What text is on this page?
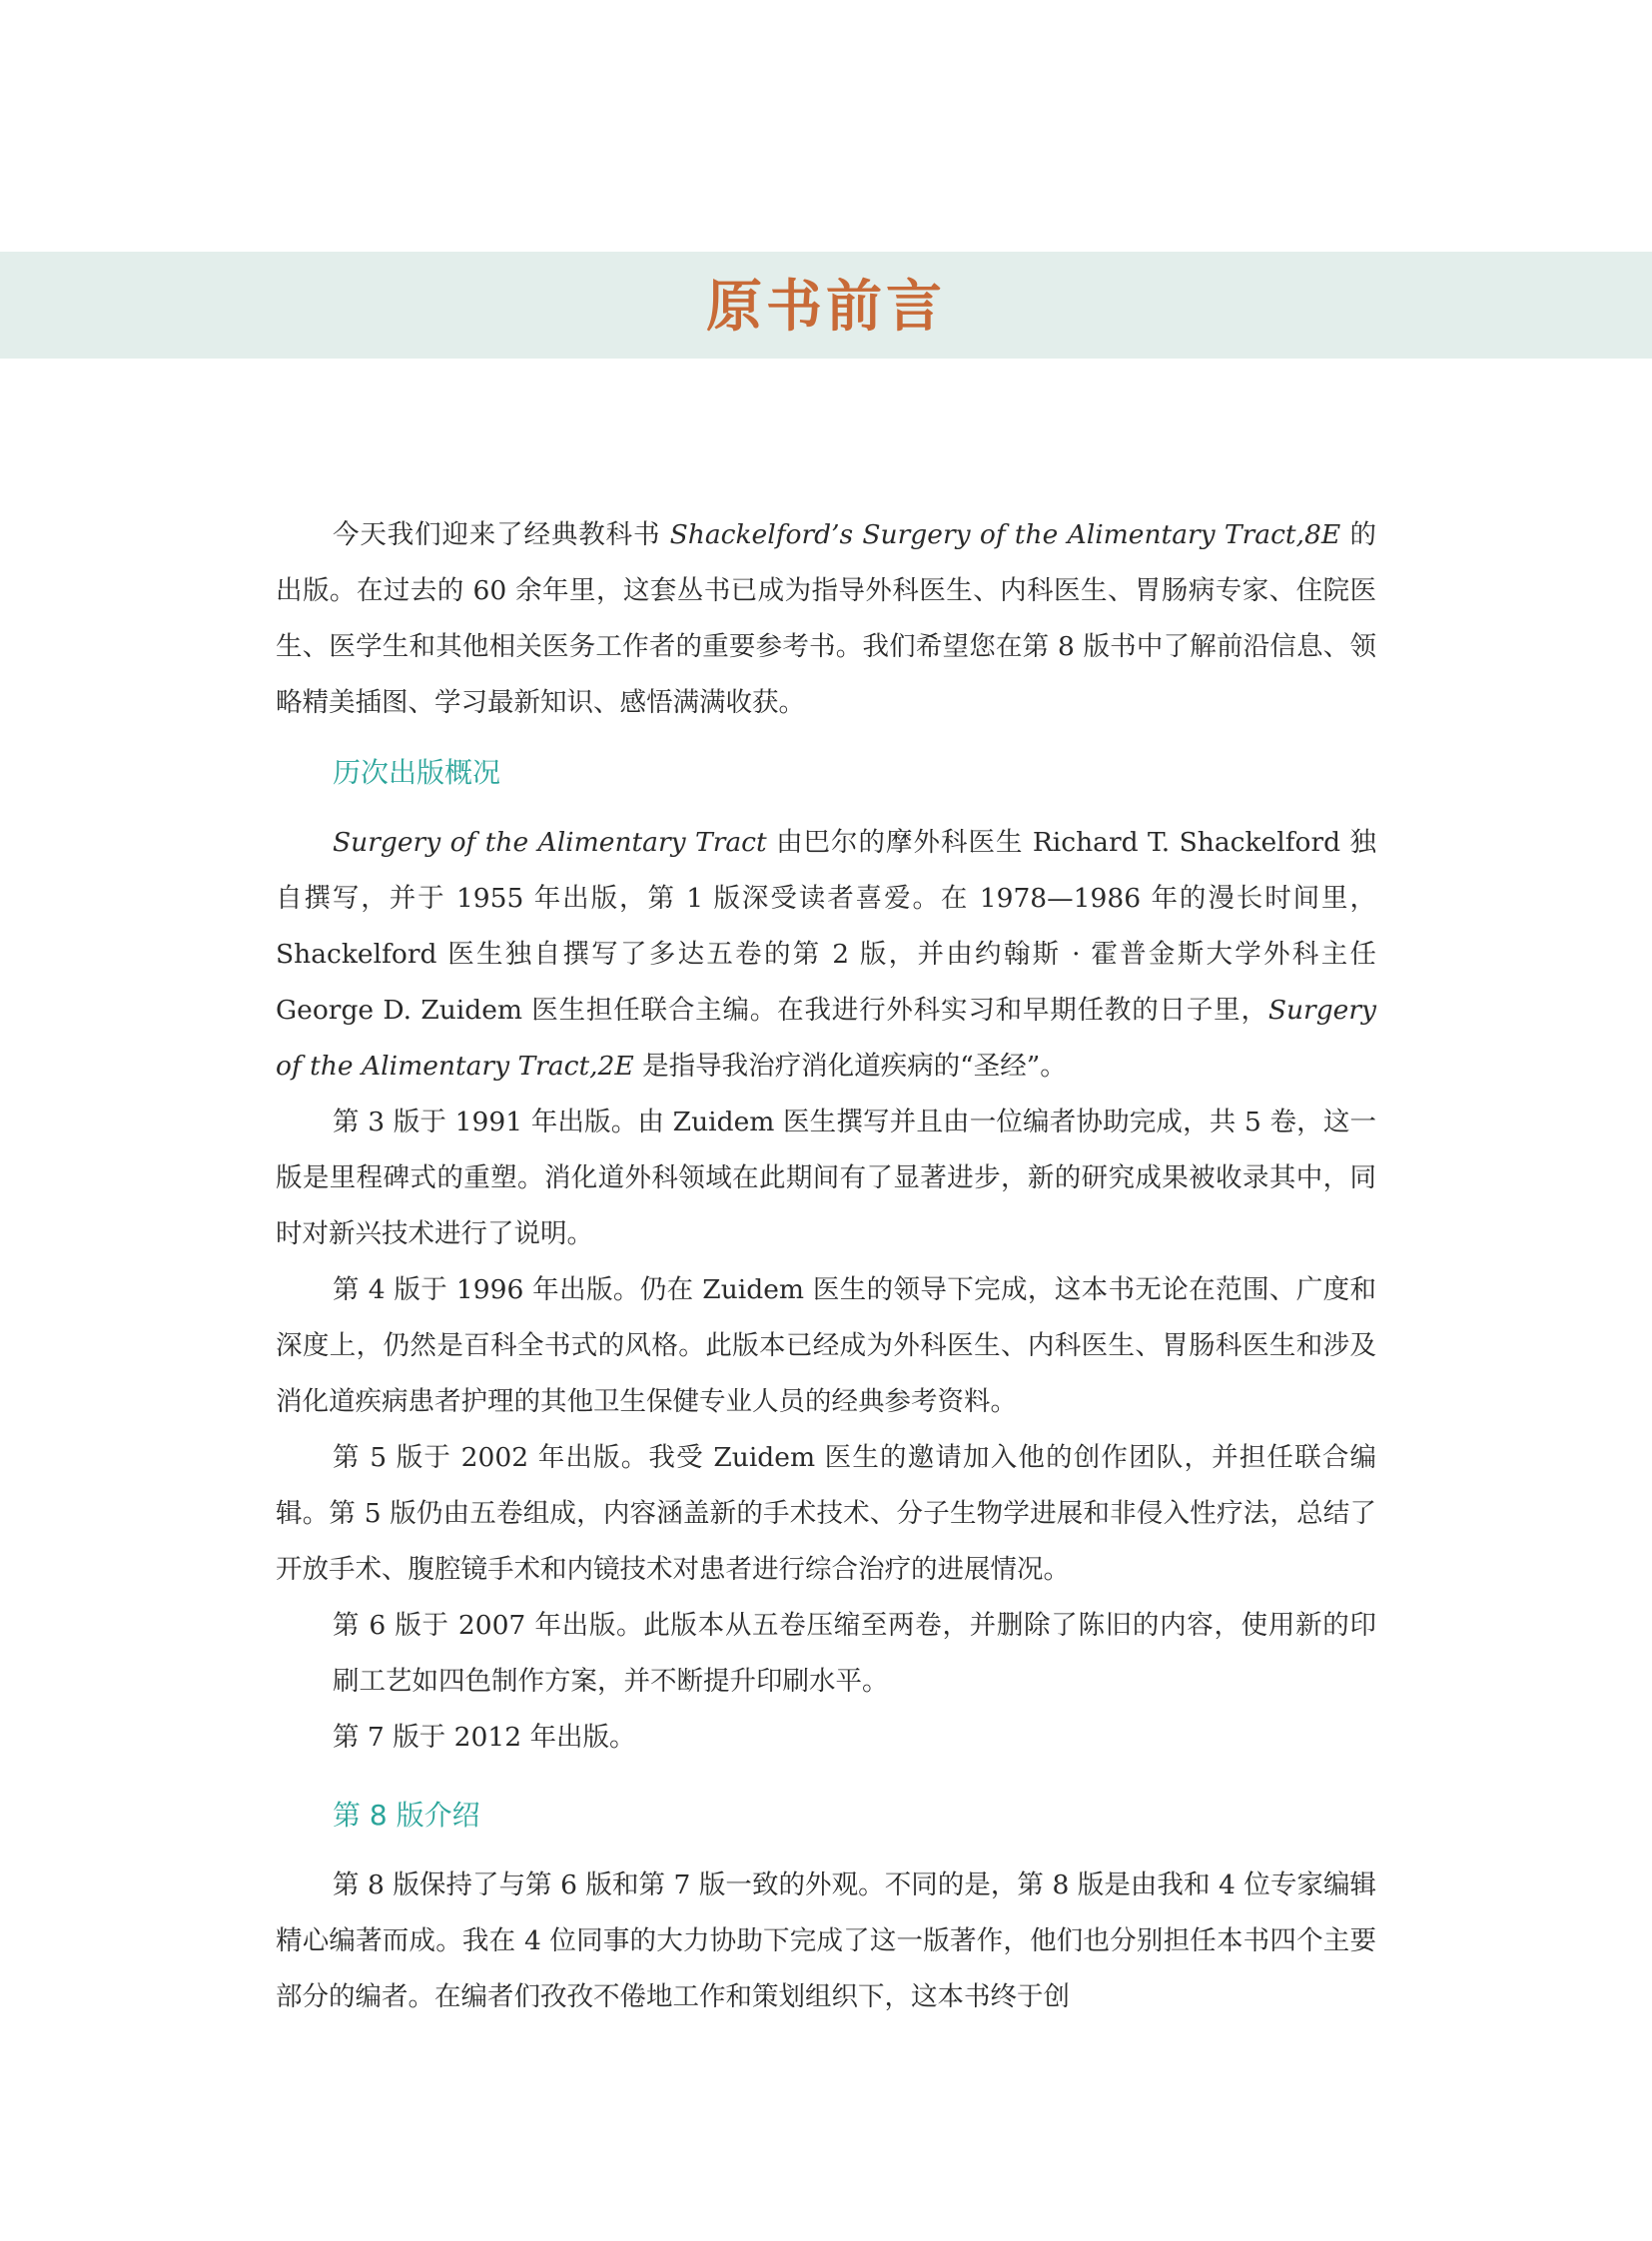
原书前言

今天我们迎来了经典教科书 Shackelford’s Surgery of the Alimentary Tract,8E 的出版。在过去的 60 余年里，这套丛书已成为指导外科医生、内科医生、胃肠病专家、住院医生、医学生和其他相关医务工作者的重要参考书。我们希望您在第 8 版书中了解前沿信息、领略精美插图、学习最新知识、感悟满满收获。

历次出版概况

Surgery of the Alimentary Tract 由巴尔的摩外科医生 Richard T. Shackelford 独自撰写，并于 1955 年出版，第 1 版深受读者喜爱。在 1978—1986 年的漫长时间里，Shackelford 医生独自撰写了多达五卷的第 2 版，并由约翰斯 · 霍普金斯大学外科主任 George D. Zuidem 医生担任联合主编。在我进行外科实习和早期任教的日子里，Surgery of the Alimentary Tract,2E 是指导我治疗消化道疾病的“圣经”。

第 3 版于 1991 年出版。由 Zuidem 医生撰写并且由一位编者协助完成，共 5 卷，这一版是里程碑式的重塑。消化道外科领域在此期间有了显著进步，新的研究成果被收录其中，同时对新兴技术进行了说明。

第 4 版于 1996 年出版。仍在 Zuidem 医生的领导下完成，这本书无论在范围、广度和深度上，仍然是百科全书式的风格。此版本已经成为外科医生、内科医生、胃肠科医生和涉及消化道疾病患者护理的其他卫生保健专业人员的经典参考资料。

第 5 版于 2002 年出版。我受 Zuidem 医生的邀请加入他的创作团队，并担任联合编辑。第 5 版仍由五卷组成，内容涵盖新的手术技术、分子生物学进展和非侵入性疗法，总结了开放手术、腹腔镜手术和内镜技术对患者进行综合治疗的进展情况。

第 6 版于 2007 年出版。此版本从五卷压缩至两卷，并删除了陈旧的内容，使用新的印刷工艺如四色制作方案，并不断提升印刷水平。

第 7 版于 2012 年出版。

第 8 版介绍

第 8 版保持了与第 6 版和第 7 版一致的外观。不同的是，第 8 版是由我和 4 位专家编辑精心编著而成。我在 4 位同事的大力协助下完成了这一版著作，他们也分别担任本书四个主要部分的编者。在编者们孜孜不倦地工作和策划组织下，这本书终于创
